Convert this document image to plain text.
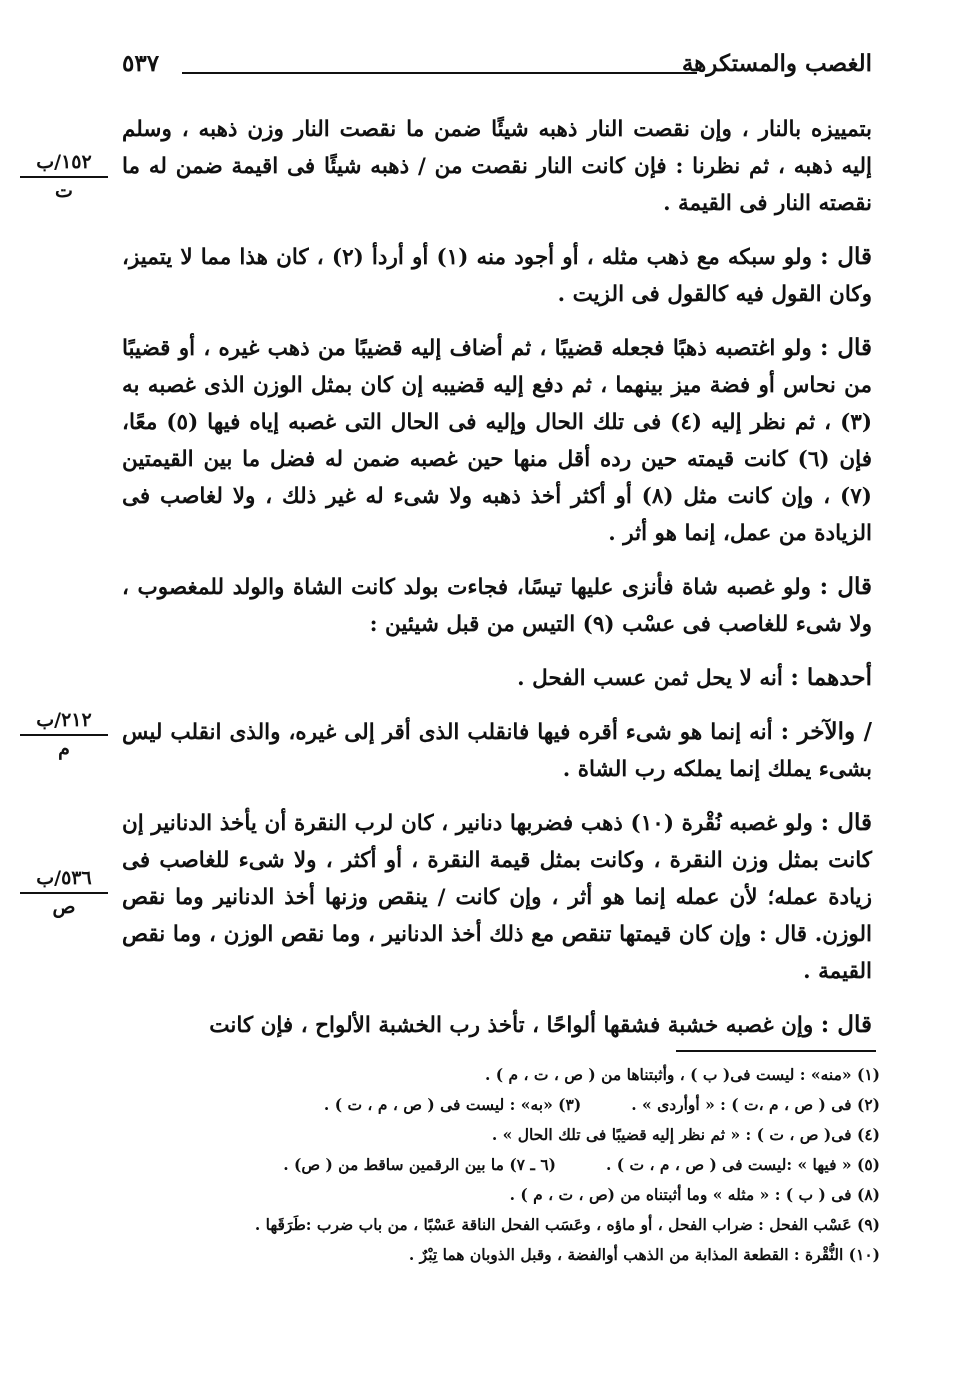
الغصب والمستكرهة
٥٣٧
١٥٢/ب
ت
٢١٢/ب
م
٥٣٦/ب
ص

بتمييزه بالنار ، وإن نقصت النار ذهبه شيئًا ضمن ما نقصت النار وزن ذهبه ، وسلم إليه ذهبه ، ثم نظرنا : فإن كانت النار نقصت من / ذهبه شيئًا فى اقيمة ضمن له ما نقصته النار فى القيمة .

قال : ولو سبكه مع ذهب مثله ، أو أجود منه (١) أو أردأ (٢) ، كان هذا مما لا يتميز، وكان القول فيه كالقول فى الزيت .

قال : ولو اغتصبه ذهبًا فجعله قضيبًا ، ثم أضاف إليه قضيبًا من ذهب غيره ، أو قضيبًا من نحاس أو فضة ميز بينهما ، ثم دفع إليه قضيبه إن كان بمثل الوزن الذى غصبه به (٣) ، ثم نظر إليه (٤) فى تلك الحال وإليه فى الحال التى غصبه إياه فيها (٥) معًا، فإن (٦) كانت قيمته حين رده أقل منها حين غصبه ضمن له فضل ما بين القيمتين (٧) ، وإن كانت مثل (٨) أو أكثر أخذ ذهبه ولا شىء له غير ذلك ، ولا لغاصب فى الزيادة من عمل، إنما هو أثر .

قال : ولو غصبه شاة فأنزى عليها تيسًا، فجاءت بولد كانت الشاة والولد للمغصوب ، ولا شىء للغاصب فى عسْب (٩) التيس من قبل شيئين :

أحدهما : أنه لا يحل ثمن عسب الفحل .

/ والآخر : أنه إنما هو شىء أقره فيها فانقلب الذى أقر إلى غيره، والذى انقلب ليس بشىء يملك إنما يملكه رب الشاة .

قال : ولو غصبه نُقْرة (١٠) ذهب فضربها دنانير ، كان لرب النقرة أن يأخذ الدنانير إن كانت بمثل وزن النقرة ، وكانت بمثل قيمة النقرة ، أو أكثر ، ولا شىء للغاصب فى زيادة عمله؛ لأن عمله إنما هو أثر ، وإن كانت / ينقص وزنها أخذ الدنانير وما نقص الوزن. قال : وإن كان قيمتها تنقص مع ذلك أخذ الدنانير ، وما نقص الوزن ، وما نقص القيمة .

قال : وإن غصبه خشبة فشقها ألواحًا ، تأخذ رب الخشبة الألواح ، فإن كانت

(١) «منه» : ليست فى( ب ) ، وأثبتناها من ( ص ، ت ، م ) .
(٢) فى ( ص ، م ،ت ) : « أوأردى » .(٣) «به» : ليست فى ( ص ، م ، ت ) .
(٤) فى( ص ، ت ) : « ثم نظر إليه قضيبًا فى تلك الحال » .
(٥) « فيها » :ليست فى ( ص ، م ، ت ) .(٦ ـ ٧) ما بين الرقمين ساقط من ( ص) .
(٨) فى ( ب ) : « مثله » وما أثبتناه من (ص ، ت ، م ) .
(٩) عَسْب الفحل : ضراب الفحل ، أو ماؤه ، وعَسَب الفحل الناقة عَسْبًا ، من باب ضرب :طَرَقَها .
(١٠) النُّقْرة : القطعة المذابة من الذهب أوالفضة ، وقبل الذوبان هما تِبْرٌ .
